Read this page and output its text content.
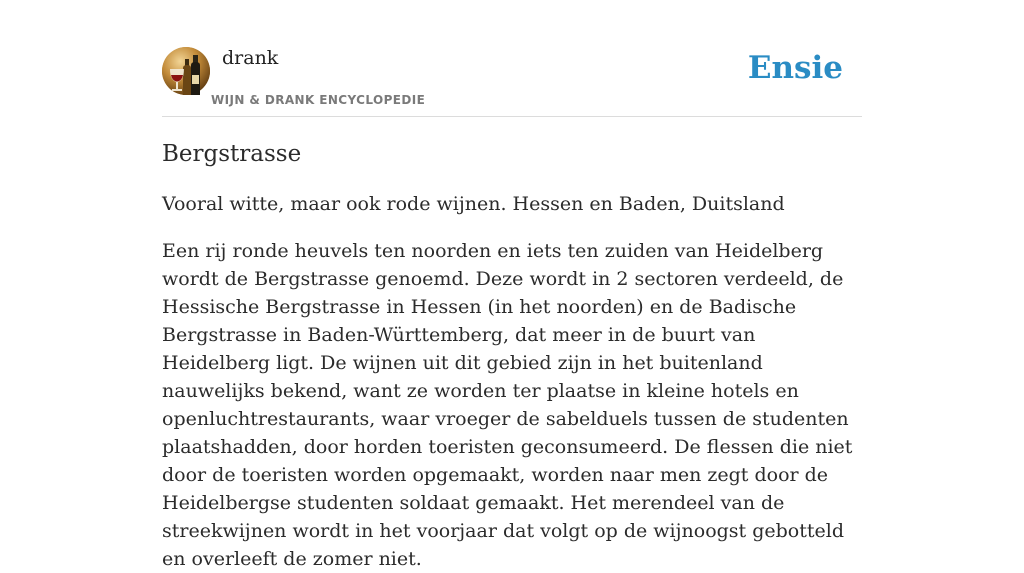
drank
WIJN & DRANK ENCYCLOPEDIE
Ensie
Bergstrasse

Vooral witte, maar ook rode wijnen. Hessen en Baden, Duitsland

Een rij ronde heuvels ten noorden en iets ten zuiden van Heidelberg wordt de Bergstrasse genoemd. Deze wordt in 2 sectoren verdeeld, de Hessische Bergstrasse in Hessen (in het noorden) en de Badische Bergstrasse in Baden-Württemberg, dat meer in de buurt van Heidelberg ligt. De wijnen uit dit gebied zijn in het buitenland nauwelijks bekend, want ze worden ter plaatse in kleine hotels en openluchtrestaurants, waar vroeger de sabelduels tussen de studenten plaatshadden, door horden toeristen geconsumeerd. De flessen die niet door de toeristen worden opgemaakt, worden naar men zegt door de Heidelbergse studenten soldaat gemaakt. Het merendeel van de streekwijnen wordt in het voorjaar dat volgt op de wijnoogst gebotteld en overleeft de zomer niet.
